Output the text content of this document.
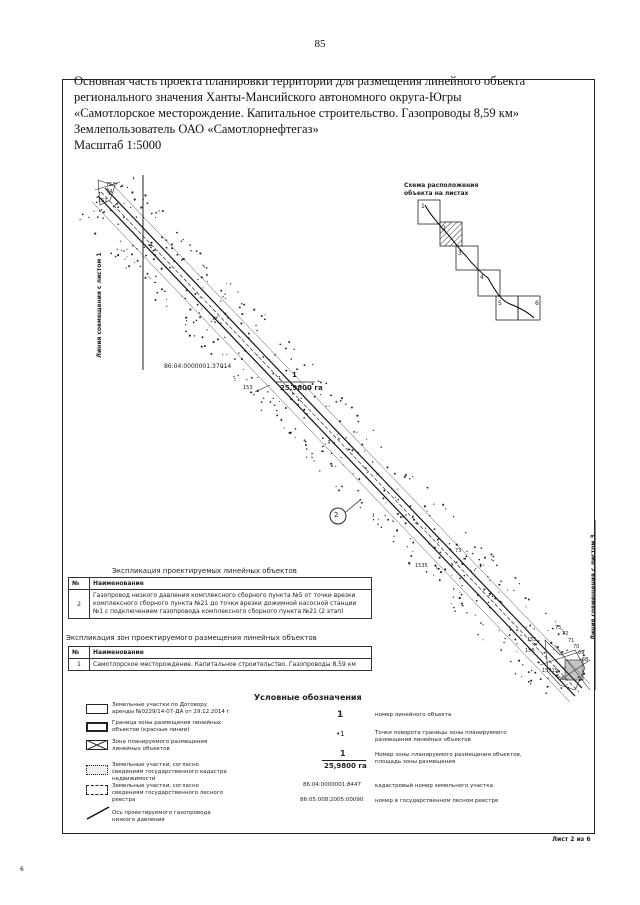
85
Основная часть проекта планировки территории для размещения линейного объекта
регионального значения Ханты-Мансийского автономного округа-Югры
«Самотлорское месторождение. Капитальное строительство. Газопроводы 8,59 км»
Землепользователь ОАО «Самотлорнефтегаз»
Масштаб 1:5000
Схема расположения
объекта на листах
1
2
3
4
5	6
Линия совмещения с листом 1
Линия совмещения с листом 3
86:04:0000001:37014
1
25,9800 га
2
753
74
151
153
73
1535
75
72
71
70
69
68
155
156
15715
66
Экспликация проектируемых линейных объектов
№	Наименование
2	Газопровод низкого давления комплексного сборного пункта №5 от точки врезки комплексного сборного пункта №21 до точки врезки дожимной насосной станции №1 с подключением газопровода комплексного сборного пункта №21 (2 этап)
Экспликация зон проектируемого размещения линейных объектов
№	Наименование
1	Самотлорское месторождение. Капитальное строительство. Газопроводы 8,59 км
Условные обозначения
Земельные участки по Договору аренды №0229/14-07-ДА от 29.12.2014 г
Граница зоны размещения линейных объектов (красные линии)
Зона планируемого размещения линейных объектов
Земельные участки, согласно сведениям государственного кадастра недвижимости
Земельные участки, согласно сведениям государственного лесного реестра
Ось проектируемого газопровода низкого давления
1	номер линейного объекта
•1	Точки поворота границы зоны планируемого размещения линейных объектов
1
25,9800 га
Номер зоны планируемого размещения объектов, площадь зоны размещения
86:04:0000001:8447	кадастровый номер земельного участка
86:05:008:2005:00090 номер в государственном лесном реестре
Лист 2 из 6
6
